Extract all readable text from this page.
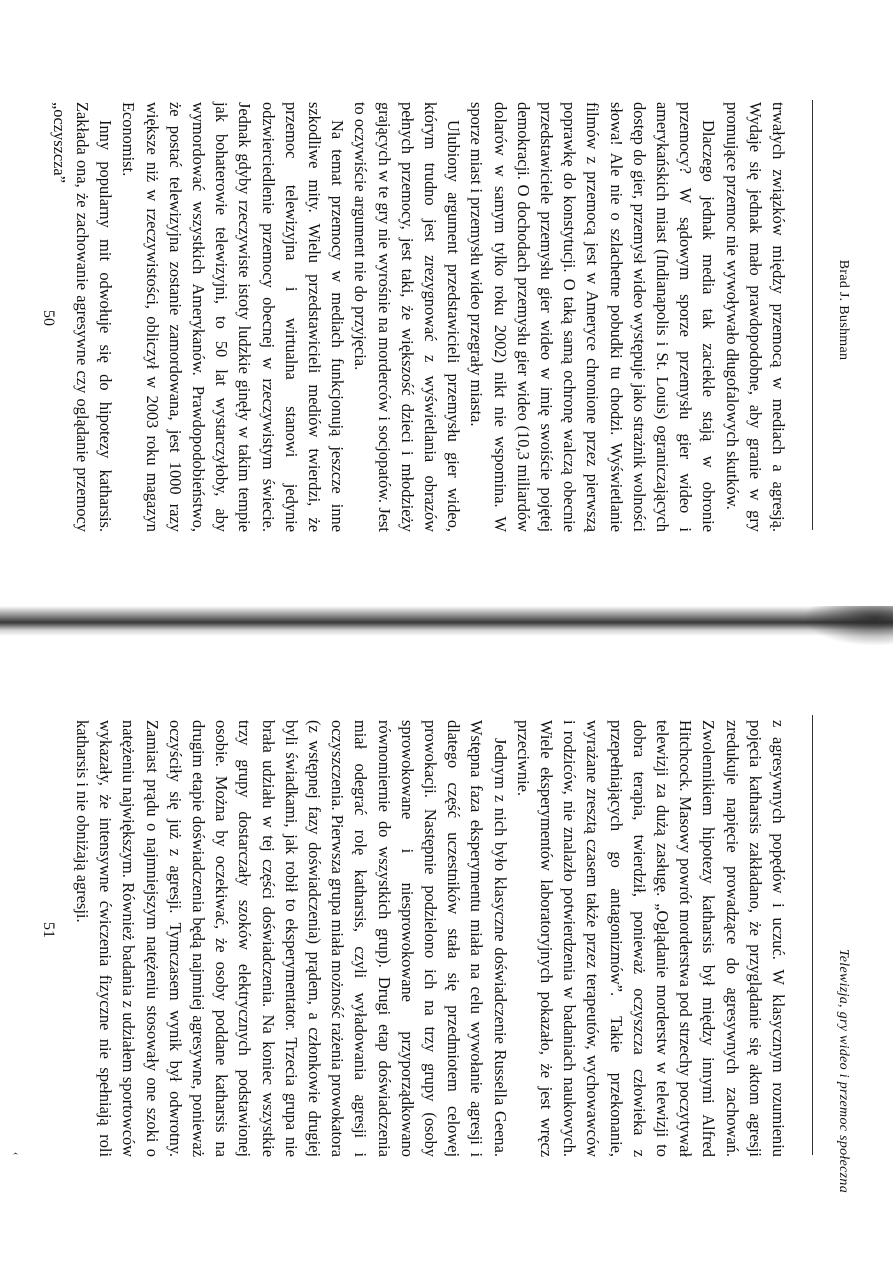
Brad J. Bushman

trwałych związków między przemocą w mediach a agresją. Wydaje się jednak mało prawdopodobne, aby granie w gry promujące przemoc nie wywoływało długofalowych skutków.

Dlaczego jednak media tak zaciekle stają w obronie przemocy? W sądowym sporze przemysłu gier wideo i amerykańskich miast (Indianapolis i St. Louis) ograniczających dostęp do gier, przemysł wideo występuje jako strażnik wolności słowa! Ale nie o szlachetne pobudki tu chodzi. Wyświetlanie filmów z przemocą jest w Ameryce chronione przez pierwszą poprawkę do konstytucji. O taką samą ochronę walczą obecnie przedstawiciele przemysłu gier wideo w imię swoiście pojętej demokracji. O dochodach przemysłu gier wideo (10,3 miliardów dolarów w samym tylko roku 2002) nikt nie wspomina. W sporze miast i przemysłu wideo przegrały miasta.

Ulubiony argument przedstawicieli przemysłu gier wideo, którym trudno jest zrezygnować z wyświetlania obrazów pełnych przemocy, jest taki, że większość dzieci i młodzieży grających w te gry nie wyrośnie na morderców i socjopatów. Jest to oczywiście argument nie do przyjęcia.

Na temat przemocy w mediach funkcjonują jeszcze inne szkodliwe mity. Wielu przedstawicieli mediów twierdzi, że przemoc telewizyjna i wirtualna stanowi jedynie odzwierciedlenie przemocy obecnej w rzeczywistym świecie. Jednak gdyby rzeczywiste istoty ludzkie ginęły w takim tempie jak bohaterowie telewizyjni, to 50 lat wystarczyłoby, aby wymordować wszystkich Amerykanów. Prawdopodobieństwo, że postać telewizyjna zostanie zamordowana, jest 1000 razy większe niż w rzeczywistości, obliczył w 2003 roku magazyn Economist.

Inny popularny mit odwołuje się do hipotezy katharsis. Zakłada ona, że zachowanie agresywne czy oglądanie przemocy „oczyszcza”

50
Telewizja, gry wideo i przemoc społeczna

z agresywnych popędów i uczuć. W klasycznym rozumieniu pojęcia katharsis zakładano, że przyglądanie się aktom agresji zredukuje napięcie prowadzące do agresywnych zachowań. Zwolennikiem hipotezy katharsis był między innymi Alfred Hitchcock. Masowy powrót morderstwa pod strzechy poczytywał telewizji za dużą zasługę. „Oglądanie morderstw w telewizji to dobra terapia, twierdził, ponieważ oczyszcza człowieka z przepełniających go antagonizmów”. Takie przekonanie, wyrażane zresztą czasem także przez terapeutów, wychowawców i rodziców, nie znalazło potwierdzenia w badaniach naukowych. Wiele eksperymentów laboratoryjnych pokazało, że jest wręcz przeciwnie.

Jednym z nich było klasyczne doświadczenie Russella Geena. Wstępna faza eksperymentu miała na celu wywołanie agresji i dlatego część uczestników stała się przedmiotem celowej prowokacji. Następnie podzielono ich na trzy grupy (osoby sprowokowane i niesprowokowane przyporządkowano równomiernie do wszystkich grup). Drugi etap doświadczenia miał odegrać rolę katharsis, czyli wyładowania agresji i oczyszczenia. Pierwsza grupa miała możność rażenia prowokatora (z wstępnej fazy doświadczenia) prądem, a członkowie drugiej byli świadkami, jak robił to eksperymentator. Trzecia grupa nie brała udziału w tej części doświadczenia. Na koniec wszystkie trzy grupy dostarczały szoków elektrycznych podstawionej osobie. Można by oczekiwać, że osoby poddane katharsis na drugim etapie doświadczenia będą najmniej agresywne, ponieważ oczyściły się już z agresji. Tymczasem wynik był odwrotny. Zamiast prądu o najmniejszym natężeniu stosowały one szoki o natężeniu największym. Również badania z udziałem sportowców wykazały, że intensywne ćwiczenia fizyczne nie spełniają roli katharsis i nie obniżają agresji.

51
‹
